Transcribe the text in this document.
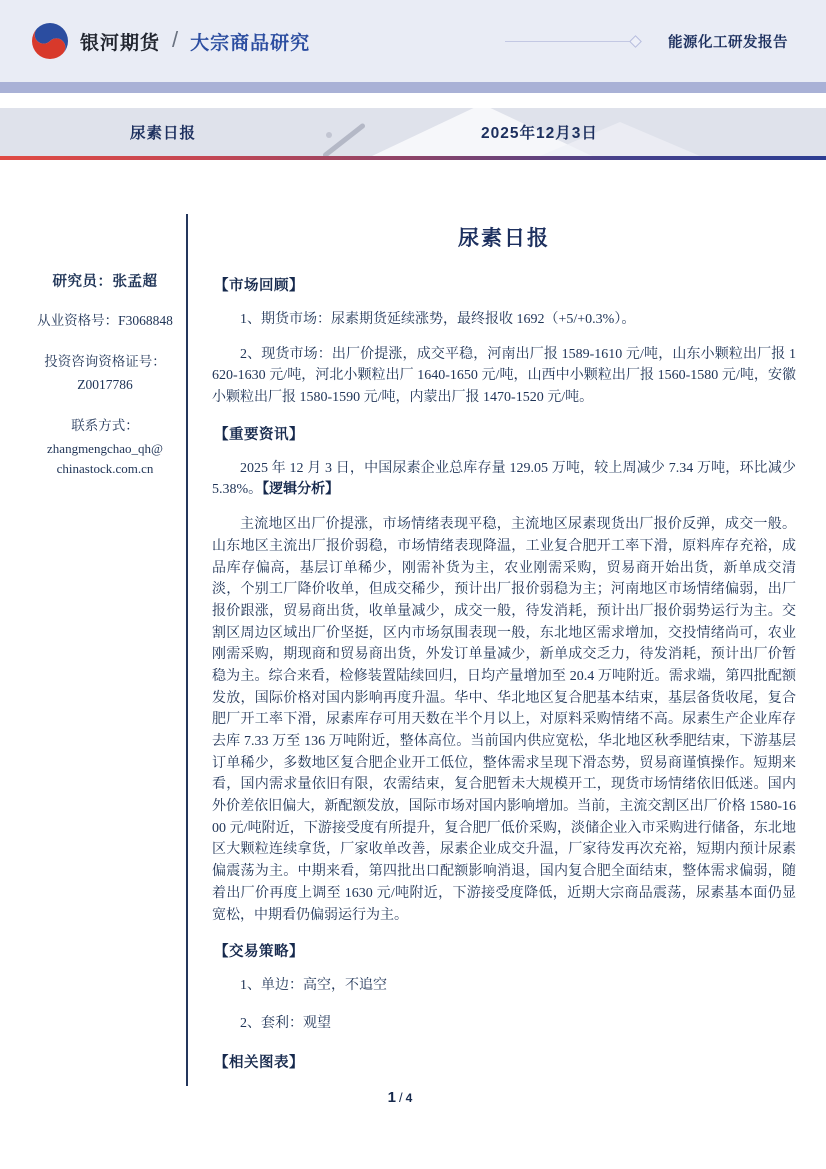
银河期货 / 大宗商品研究	能源化工研发报告
尿素日报	2025年12月3日
研究员：张孟超
从业资格号：F3068848
投资咨询资格证号：
Z0017786
联系方式：
zhangmengchao_qh@
chinastock.com.cn
尿素日报
【市场回顾】

1、期货市场：尿素期货延续涨势，最终报收 1692（+5/+0.3%）。

2、现货市场：出厂价提涨，成交平稳，河南出厂报 1589-1610 元/吨，山东小颗粒出厂报 1620-1630 元/吨，河北小颗粒出厂 1640-1650 元/吨，山西中小颗粒出厂报 1560-1580 元/吨，安徽小颗粒出厂报 1580-1590 元/吨，内蒙出厂报 1470-1520 元/吨。

【重要资讯】

2025 年 12 月 3 日，中国尿素企业总库存量 129.05 万吨，较上周减少 7.34 万吨，环比减少 5.38%。【逻辑分析】

主流地区出厂价提涨，市场情绪表现平稳，主流地区尿素现货出厂报价反弹，成交一般。山东地区主流出厂报价弱稳，市场情绪表现降温，工业复合肥开工率下滑，原料库存充裕，成品库存偏高，基层订单稀少，刚需补货为主，农业刚需采购，贸易商开始出货，新单成交清淡，个别工厂降价收单，但成交稀少，预计出厂报价弱稳为主；河南地区市场情绪偏弱，出厂报价跟涨，贸易商出货，收单量减少，成交一般，待发消耗，预计出厂报价弱势运行为主。交割区周边区域出厂价坚挺，区内市场氛围表现一般，东北地区需求增加，交投情绪尚可，农业刚需采购，期现商和贸易商出货，外发订单量减少，新单成交乏力，待发消耗，预计出厂价暂稳为主。综合来看，检修装置陆续回归，日均产量增加至 20.4 万吨附近。需求端，第四批配额发放，国际价格对国内影响再度升温。华中、华北地区复合肥基本结束，基层备货收尾，复合肥厂开工率下滑，尿素库存可用天数在半个月以上，对原料采购情绪不高。尿素生产企业库存去库 7.33 万至 136 万吨附近，整体高位。当前国内供应宽松，华北地区秋季肥结束，下游基层订单稀少，多数地区复合肥企业开工低位，整体需求呈现下滑态势，贸易商谨慎操作。短期来看，国内需求量依旧有限，农需结束，复合肥暂未大规模开工，现货市场情绪依旧低迷。国内外价差依旧偏大，新配额发放，国际市场对国内影响增加。当前，主流交割区出厂价格 1580-1600 元/吨附近，下游接受度有所提升，复合肥厂低价采购，淡储企业入市采购进行储备，东北地区大颗粒连续拿货，厂家收单改善，尿素企业成交升温，厂家待发再次充裕，短期内预计尿素偏震荡为主。中期来看，第四批出口配额影响消退，国内复合肥全面结束，整体需求偏弱，随着出厂价再度上调至 1630 元/吨附近，下游接受度降低，近期大宗商品震荡，尿素基本面仍显宽松，中期看仍偏弱运行为主。

【交易策略】
1、单边：高空，不追空
2、套利：观望
【相关图表】
1 / 4
